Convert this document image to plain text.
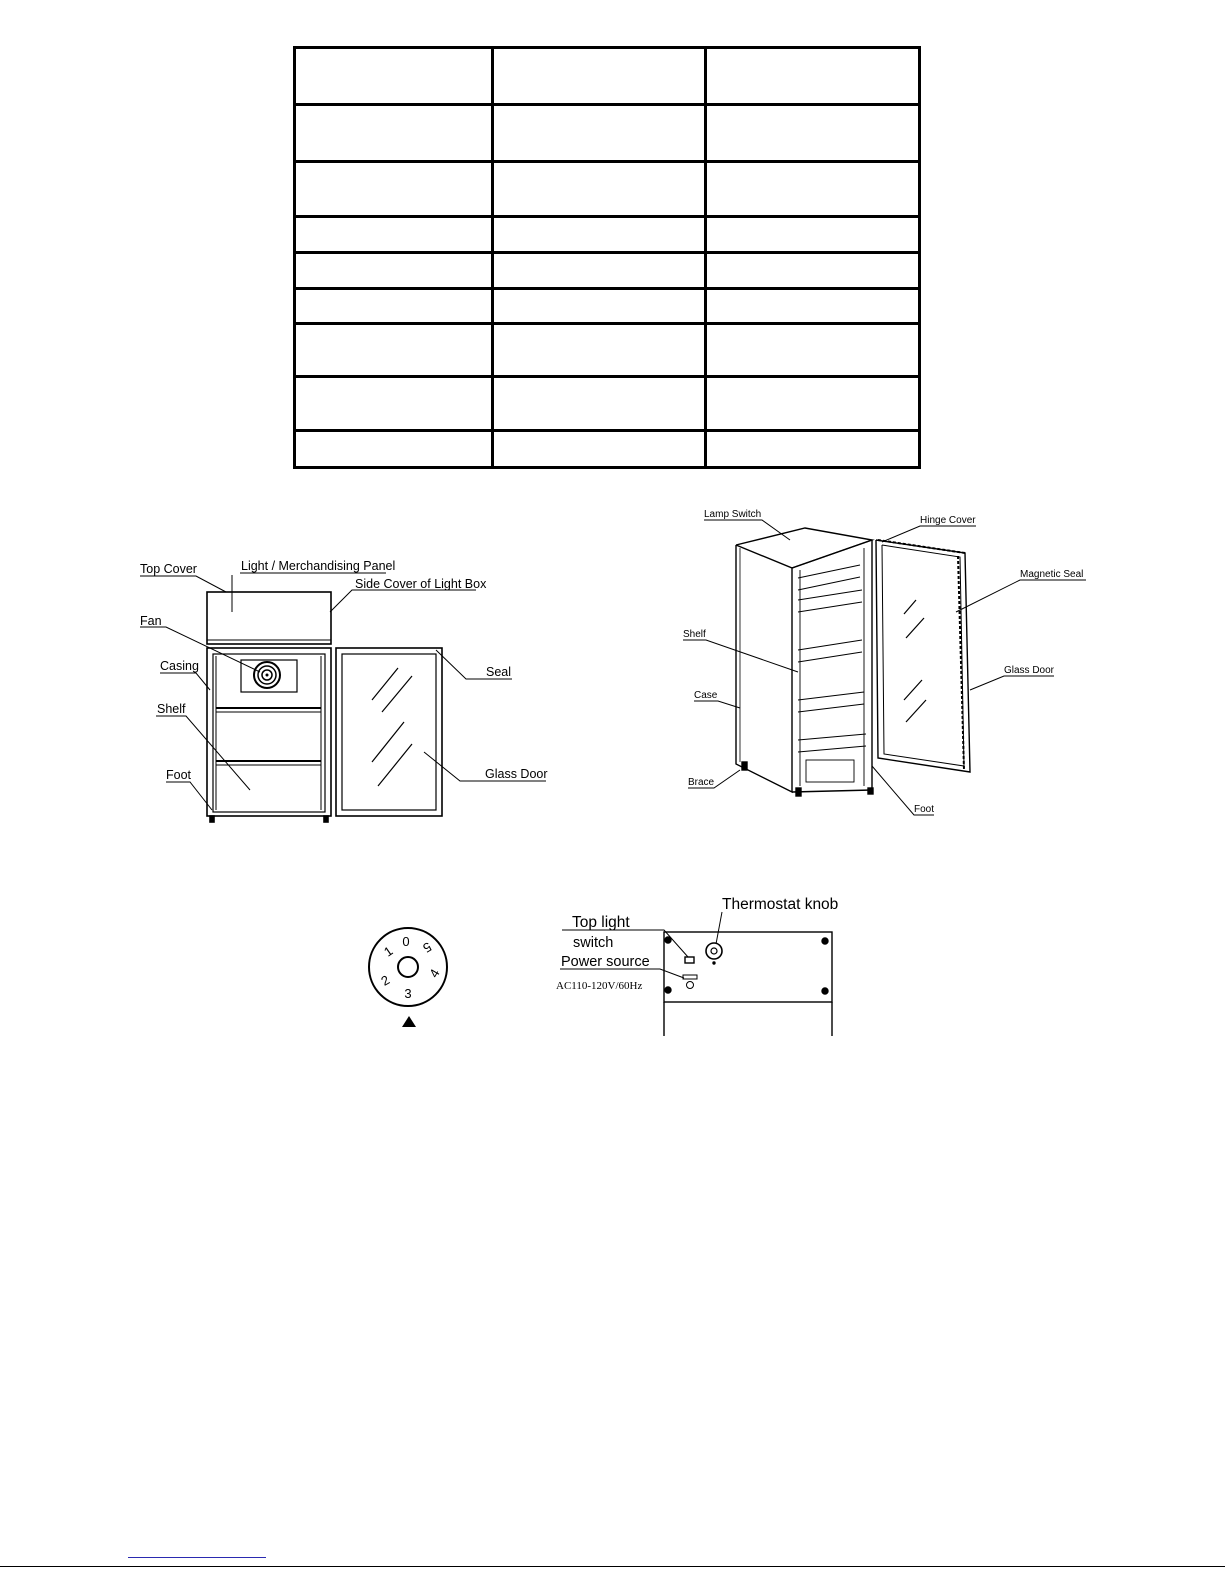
Top Cover	Light / Merchandising Panel
Side Cover of Light Box
Fan
Casing
Shelf
Foot
Seal
Glass Door
Lamp Switch
Hinge Cover
Magnetic Seal
Shelf
Glass Door
Case
Brace
Foot
0
1
2
3
4
5
Thermostat knob
Top light
switch
Power source
AC110-120V/60Hz
